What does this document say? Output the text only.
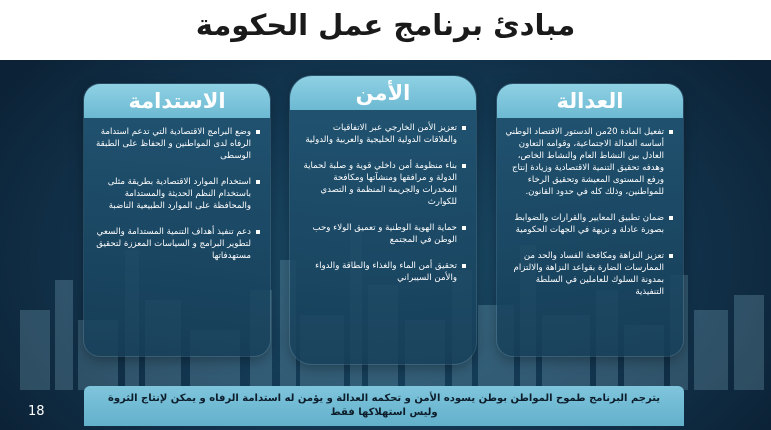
مبادئ برنامج عمل الحكومة
العدالة
تفعيل المادة 20من الدستور الاقتصاد الوطني أساسه العدالة الاجتماعية، وقوامه التعاون العادل بين النشاط العام والنشاط الخاص، وهدفه تحقيق التنمية الاقتصادية وزيادة إنتاج ورفع المستوى المعيشة وتحقيق الرخاء للمواطنين، وذلك كله في حدود القانون.
ضمان تطبيق المعايير والقرارات والضوابط بصورة عادلة و نزيهة في الجهات الحكومية
تعزيز النزاهة ومكافحة الفساد والحد من الممارسات الضارة بقواعد النزاهة والالتزام بمدونة السلوك للعاملين في السلطة التنفيذية
الأمن
تعزيز الأمن الخارجي عبر الاتفاقيات والعلاقات الدولية الخليجية والعربية والدولية
بناء منظومة أمن داخلي قوية و صلبة لحماية الدولة و مرافقها ومنشآتها ومكافحة المخدرات والجريمة المنظمة و التصدي للكوارث
حماية الهوية الوطنية و تعميق الولاء وحب الوطن في المجتمع
تحقيق أمن الماء والغذاء والطاقة والدواء والأمن السيبراني
الاستدامة
وضع البرامج الاقتصادية التي تدعم استدامة الرفاه لدى المواطنين و الحفاظ على الطبقة الوسطى
استخدام الموارد الاقتصادية بطريقة مثلى باستخدام النظم الحديثة والمستدامة والمحافظة على الموارد الطبيعية الناضبة
دعم تنفيذ أهداف التنمية المستدامة والسعي لتطوير البرامج و السياسات المعززة لتحقيق مستهدفاتها
يترجم البرنامج طموح المواطن بوطن يسوده الأمن و تحكمه العدالة و يؤمن له استدامة الرفاه و يمكن لإنتاج الثروة
وليس استهلاكها فقط
18
